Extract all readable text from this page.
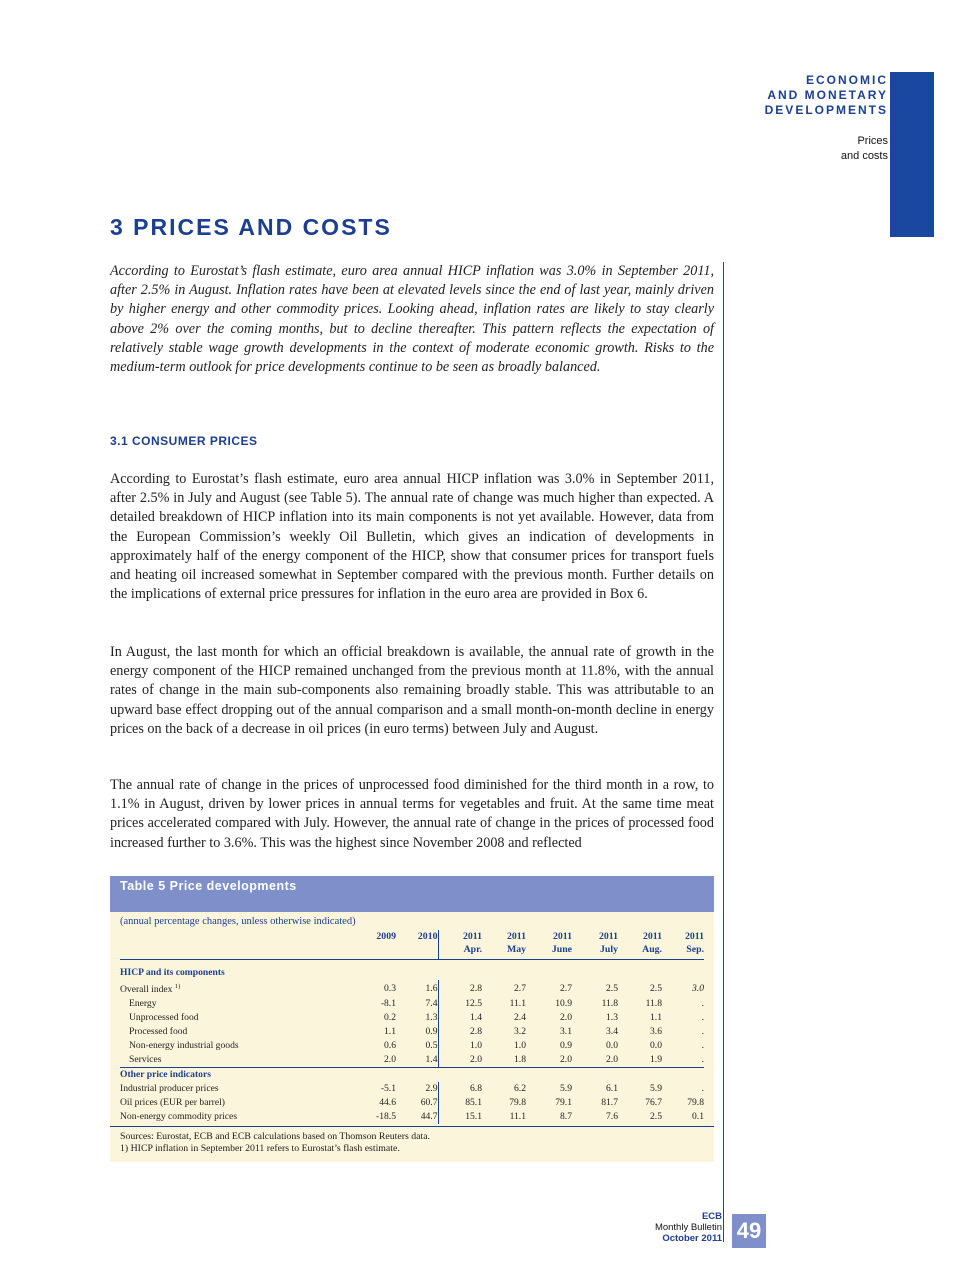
ECONOMIC
AND MONETARY
DEVELOPMENTS
Prices
and costs
3 PRICES AND COSTS
According to Eurostat’s flash estimate, euro area annual HICP inflation was 3.0% in September 2011, after 2.5% in August. Inflation rates have been at elevated levels since the end of last year, mainly driven by higher energy and other commodity prices. Looking ahead, inflation rates are likely to stay clearly above 2% over the coming months, but to decline thereafter. This pattern reflects the expectation of relatively stable wage growth developments in the context of moderate economic growth. Risks to the medium-term outlook for price developments continue to be seen as broadly balanced.
3.1 CONSUMER PRICES
According to Eurostat’s flash estimate, euro area annual HICP inflation was 3.0% in September 2011, after 2.5% in July and August (see Table 5). The annual rate of change was much higher than expected. A detailed breakdown of HICP inflation into its main components is not yet available. However, data from the European Commission’s weekly Oil Bulletin, which gives an indication of developments in approximately half of the energy component of the HICP, show that consumer prices for transport fuels and heating oil increased somewhat in September compared with the previous month. Further details on the implications of external price pressures for inflation in the euro area are provided in Box 6.
In August, the last month for which an official breakdown is available, the annual rate of growth in the energy component of the HICP remained unchanged from the previous month at 11.8%, with the annual rates of change in the main sub-components also remaining broadly stable. This was attributable to an upward base effect dropping out of the annual comparison and a small month-on-month decline in energy prices on the back of a decrease in oil prices (in euro terms) between July and August.
The annual rate of change in the prices of unprocessed food diminished for the third month in a row, to 1.1% in August, driven by lower prices in annual terms for vegetables and fruit. At the same time meat prices accelerated compared with July. However, the annual rate of change in the prices of processed food increased further to 3.6%. This was the highest since November 2008 and reflected
Table 5 Price developments
(annual percentage changes, unless otherwise indicated)
	2009	2010	2011	2011	2011	2011	2011	2011
			Apr.	May	June	July	Aug.	Sep.
HICP and its components								
Overall index $^{1)}$	0.3	1.6	2.8	2.7	2.7	2.5	2.5	3.0
Energy	-8.1	7.4	12.5	11.1	10.9	11.8	11.8	.
Unprocessed food	0.2	1.3	1.4	2.4	2.0	1.3	1.1	.
Processed food	1.1	0.9	2.8	3.2	3.1	3.4	3.6	.
Non-energy industrial goods	0.6	0.5	1.0	1.0	0.9	0.0	0.0	.
Services	2.0	1.4	2.0	1.8	2.0	2.0	1.9	.
Other price indicators								
Industrial producer prices	-5.1	2.9	6.8	6.2	5.9	6.1	5.9	.
Oil prices (EUR per barrel)	44.6	60.7	85.1	79.8	79.1	81.7	76.7	79.8
Non-energy commodity prices	-18.5	44.7	15.1	11.1	8.7	7.6	2.5	0.1
Sources: Eurostat, ECB and ECB calculations based on Thomson Reuters data.
1) HICP inflation in September 2011 refers to Eurostat’s flash estimate.
ECB
Monthly Bulletin
October 2011 49
